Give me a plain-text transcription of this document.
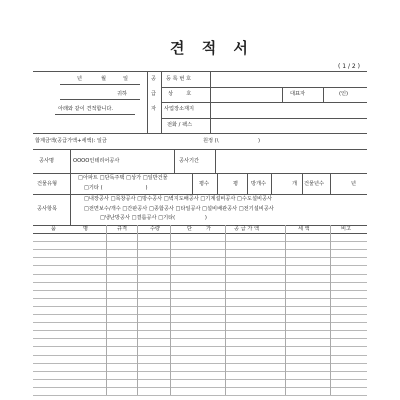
견 적 서
( 1 / 2 )
년	월	일
귀하
아래와 같이 견적합니다.
공
급
자
등 록 번 호
상        호	대표자	(인)
사업장소재지
전화 / 팩스
합계금액(공급가액+세액): 일금	원정 (\	)
공사명	OOOO인테리어공사	공사기간
건물유형
□아파트 □단독주택 □상가 □일반건물
□기타 (                          )
평수	평 방개수	개 건물년수	년
공사항목
□내장공사 □목창공사 □방수공사 □벽지도배공사 □기계설비공사 □수도설비공사
□전면보수/개수 □간판공사 □종합공사 □타일공사 □설비배관공사 □전기설비공사
□냉난방공사 □결릅공사 □기타(                  )
품	명	규격	수량	단	가	공 급 가 액	세 액	비고
